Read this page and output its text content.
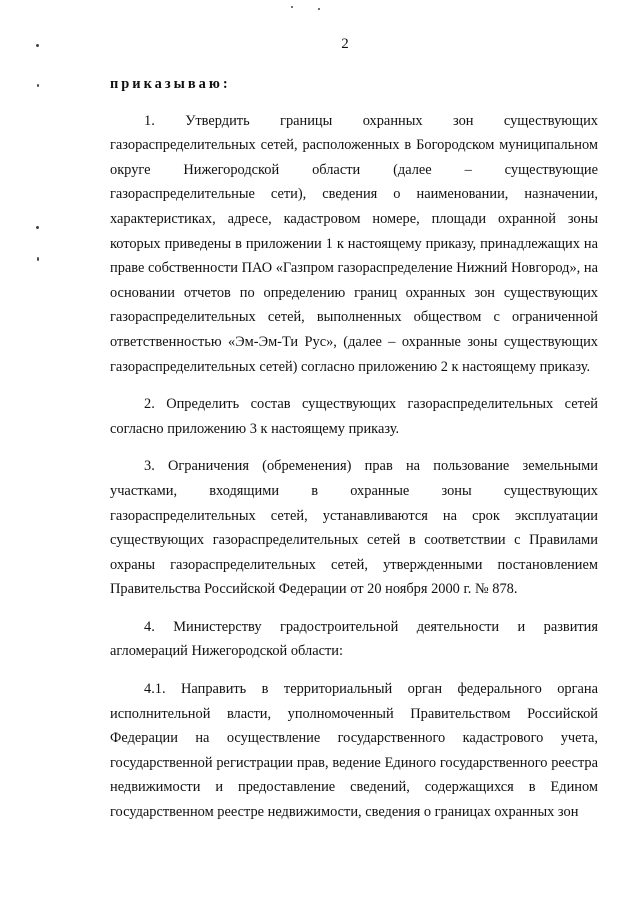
2

приказываю:

1. Утвердить границы охранных зон существующих газораспределительных сетей, расположенных в Богородском муниципальном округе Нижегородской области (далее – существующие газораспределительные сети), сведения о наименовании, назначении, характеристиках, адресе, кадастровом номере, площади охранной зоны которых приведены в приложении 1 к настоящему приказу, принадлежащих на праве собственности ПАО «Газпром газораспределение Нижний Новгород», на основании отчетов по определению границ охранных зон существующих газораспределительных сетей, выполненных обществом с ограниченной ответственностью «Эм-Эм-Ти Рус», (далее – охранные зоны существующих газораспределительных сетей) согласно приложению 2 к настоящему приказу.

2. Определить состав существующих газораспределительных сетей согласно приложению 3 к настоящему приказу.

3. Ограничения (обременения) прав на пользование земельными участками, входящими в охранные зоны существующих газораспределительных сетей, устанавливаются на срок эксплуатации существующих газораспределительных сетей в соответствии с Правилами охраны газораспределительных сетей, утвержденными постановлением Правительства Российской Федерации от 20 ноября 2000 г. № 878.

4. Министерству градостроительной деятельности и развития агломераций Нижегородской области:

4.1. Направить в территориальный орган федерального органа исполнительной власти, уполномоченный Правительством Российской Федерации на осуществление государственного кадастрового учета, государственной регистрации прав, ведение Единого государственного реестра недвижимости и предоставление сведений, содержащихся в Едином государственном реестре недвижимости, сведения о границах охранных зон
